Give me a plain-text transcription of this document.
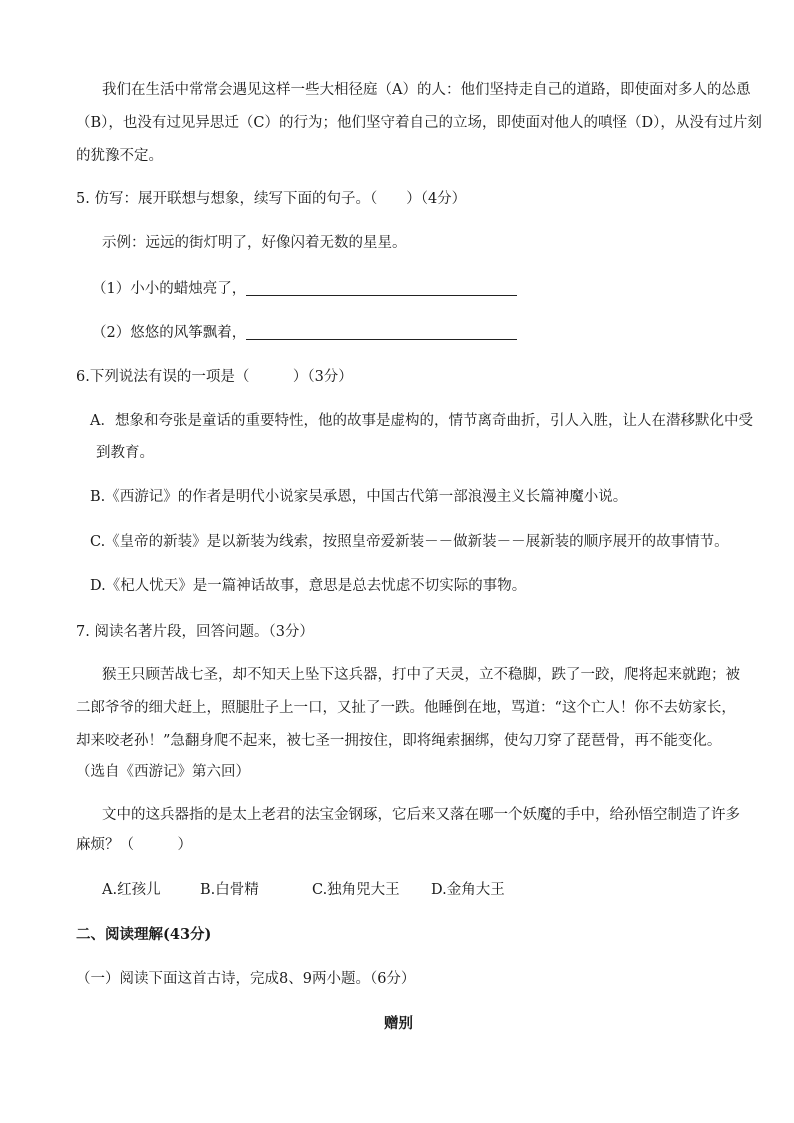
我们在生活中常常会遇见这样一些大相径庭（A）的人：他们坚持走自己的道路，即使面对多人的怂恿
（B），也没有过见异思迁（C）的行为；他们坚守着自己的立场，即使面对他人的嗔怪（D），从没有过片刻
的犹豫不定。
5. 仿写：展开联想与想象，续写下面的句子。（　　）（4分）
示例：远远的街灯明了，好像闪着无数的星星。
（1）小小的蜡烛亮了，
（2）悠悠的风筝飘着，
6.下列说法有误的一项是（　　　）（3分）
A．想象和夸张是童话的重要特性，他的故事是虚构的，情节离奇曲折，引人入胜，让人在潜移默化中受
到教育。
B.《西游记》的作者是明代小说家吴承恩，中国古代第一部浪漫主义长篇神魔小说。
C.《皇帝的新装》是以新装为线索，按照皇帝爱新装－－做新装－－展新装的顺序展开的故事情节。
D.《杞人忧天》是一篇神话故事，意思是总去忧虑不切实际的事物。
7. 阅读名著片段，回答问题。（3分）
猴王只顾苦战七圣，却不知天上坠下这兵器，打中了天灵，立不稳脚，跌了一跤，爬将起来就跑；被
二郎爷爷的细犬赶上，照腿肚子上一口，又扯了一跌。他睡倒在地，骂道：“这个亡人！你不去妨家长，
却来咬老孙！”急翻身爬不起来，被七圣一拥按住，即将绳索捆绑，使勾刀穿了琵琶骨，再不能变化。
（选自《西游记》第六回）
文中的这兵器指的是太上老君的法宝金钢琢，它后来又落在哪一个妖魔的手中，给孙悟空制造了许多
麻烦？（　　　）
A.红孩儿	B.白骨精	C.独角兕大王 D.金角大王
二、阅读理解(43分)
（一）阅读下面这首古诗，完成8、9两小题。（6分）
赠别
